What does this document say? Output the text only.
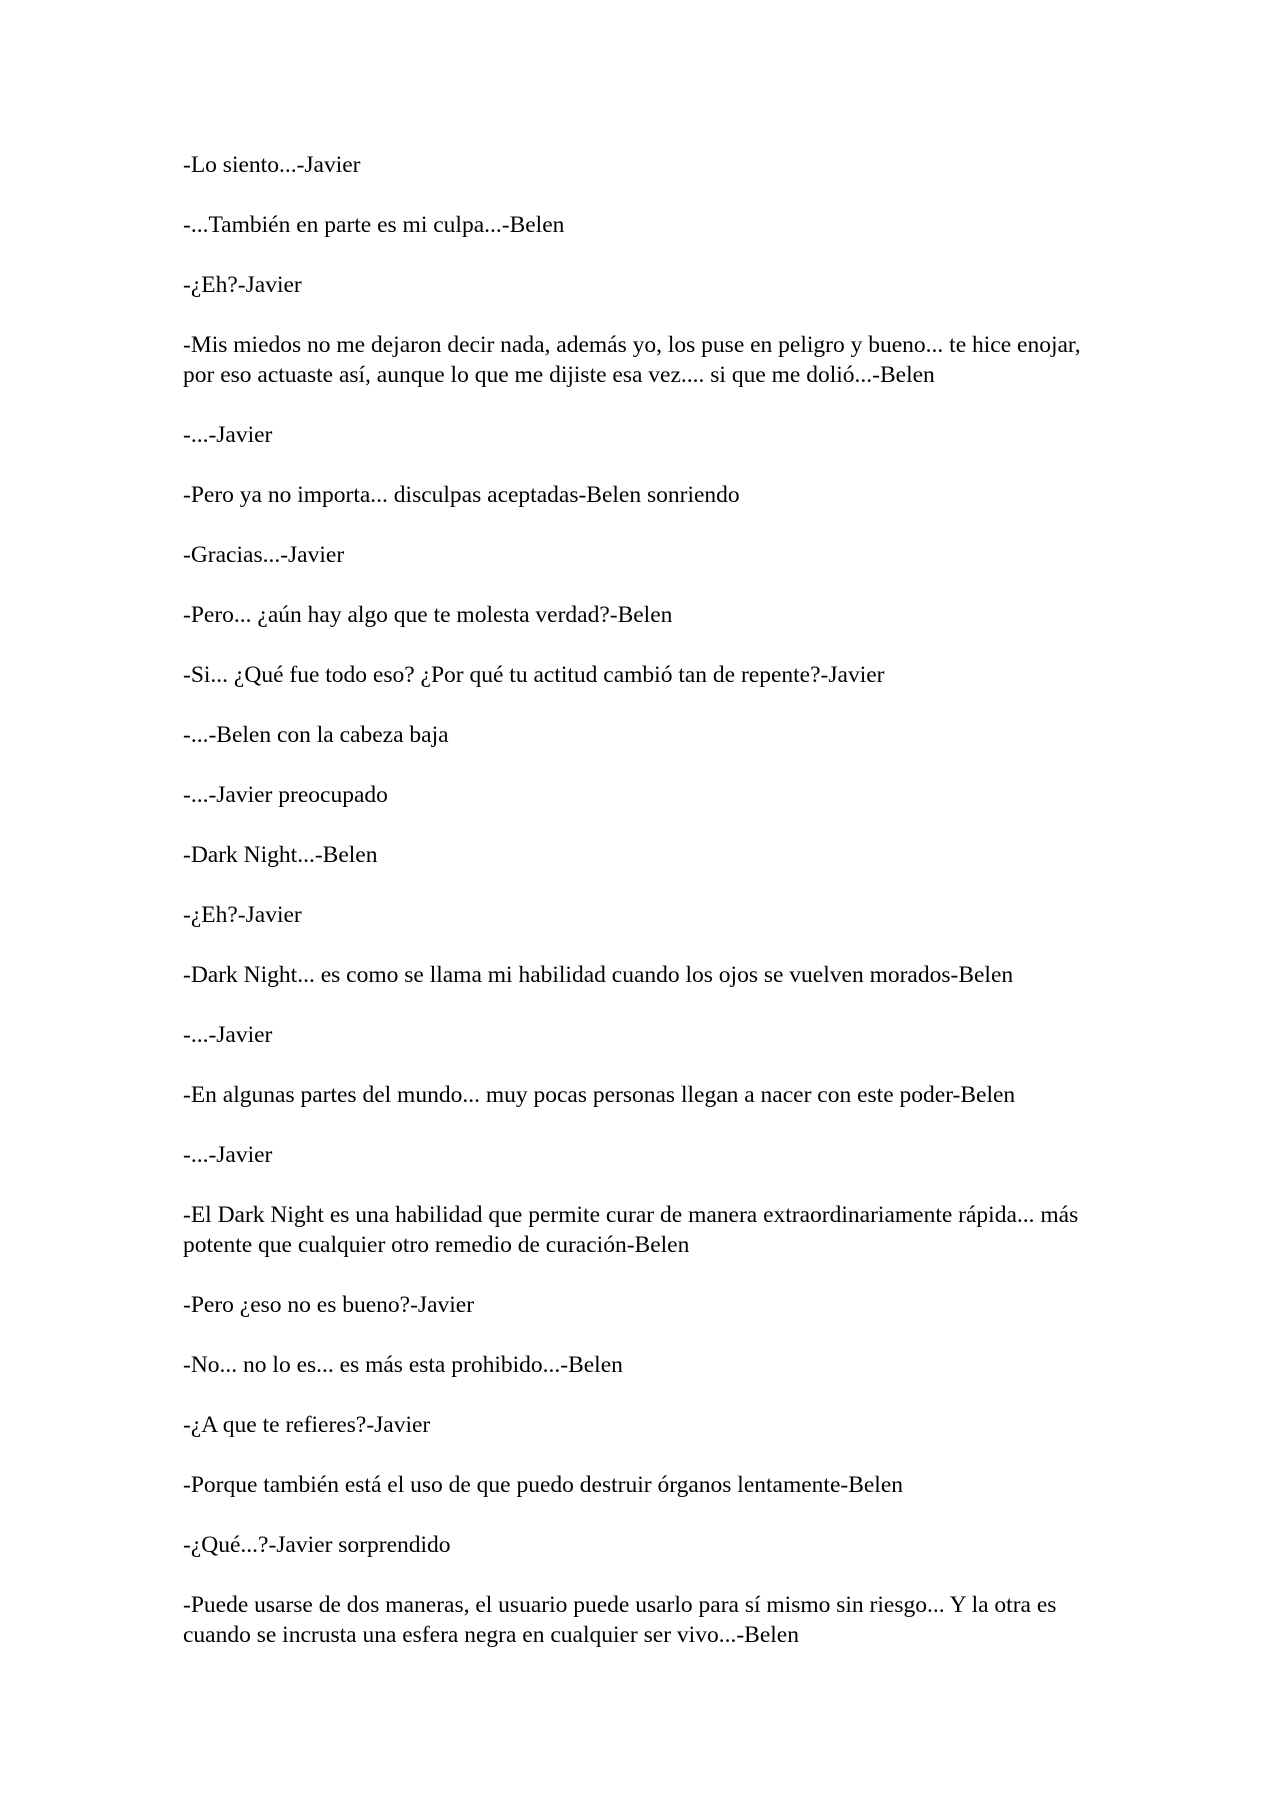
-Lo siento...-Javier

-...También en parte es mi culpa...-Belen

-¿Eh?-Javier

-Mis miedos no me dejaron decir nada, además yo, los puse en peligro y bueno... te hice enojar, por eso actuaste así, aunque lo que me dijiste esa vez.... si que me dolió...-Belen

-...-Javier

-Pero ya no importa... disculpas aceptadas-Belen sonriendo

-Gracias...-Javier

-Pero... ¿aún hay algo que te molesta verdad?-Belen

-Si... ¿Qué fue todo eso? ¿Por qué tu actitud cambió tan de repente?-Javier

-...-Belen con la cabeza baja

-...-Javier preocupado

-Dark Night...-Belen

-¿Eh?-Javier

-Dark Night... es como se llama mi habilidad cuando los ojos se vuelven morados-Belen

-...-Javier

-En algunas partes del mundo... muy pocas personas llegan a nacer con este poder-Belen

-...-Javier

-El Dark Night es una habilidad que permite curar de manera extraordinariamente rápida... más potente que cualquier otro remedio de curación-Belen

-Pero ¿eso no es bueno?-Javier

-No... no lo es... es más esta prohibido...-Belen

-¿A que te refieres?-Javier

-Porque también está el uso de que puedo destruir órganos lentamente-Belen

-¿Qué...?-Javier sorprendido

-Puede usarse de dos maneras, el usuario puede usarlo para sí mismo sin riesgo... Y la otra es cuando se incrusta una esfera negra en cualquier ser vivo...-Belen
